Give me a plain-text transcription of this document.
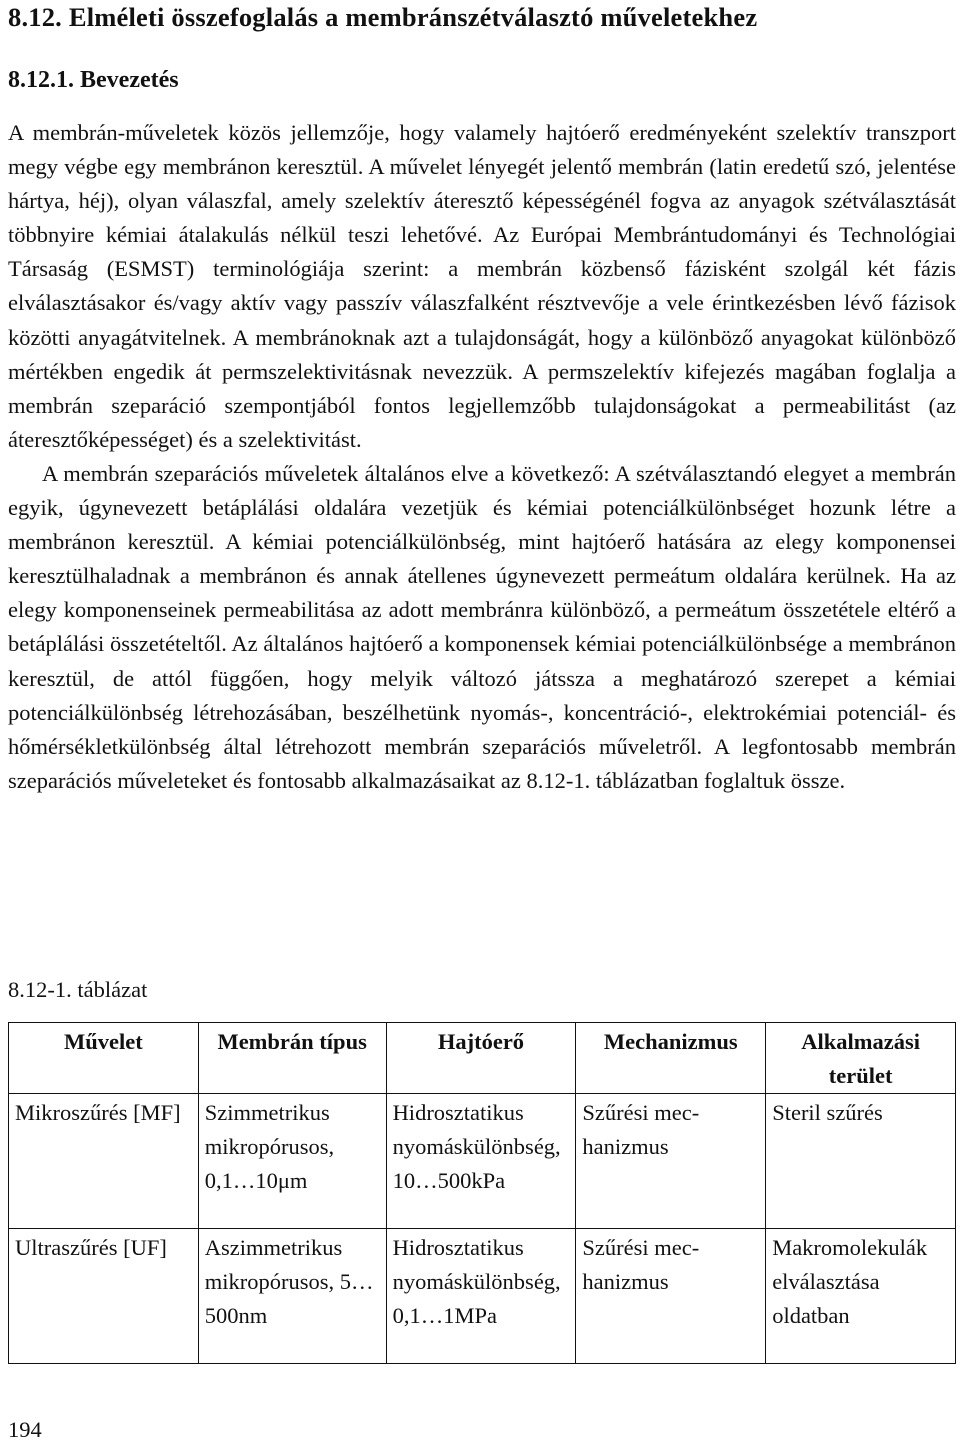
8.12. Elméleti összefoglalás a membránszétválasztó műveletekhez
8.12.1. Bevezetés

A membrán-műveletek közös jellemzője, hogy valamely hajtóerő eredményeként szelektív transzport megy végbe egy membránon keresztül. A művelet lényegét jelentő membrán (latin eredetű szó, jelentése hártya, héj), olyan válaszfal, amely szelektív áteresztő képességénél fogva az anyagok szétválasztását többnyire kémiai átalakulás nélkül teszi lehetővé. Az Európai Membrántudományi és Technológiai Társaság (ESMST) terminológiája szerint: a membrán közbenső fázisként szolgál két fázis elválasztásakor és/vagy aktív vagy passzív válaszfalként résztvevője a vele érintkezésben lévő fázisok közötti anyagátvitelnek. A membránoknak azt a tulajdonságát, hogy a különböző anyagokat különböző mértékben engedik át permszelektivitásnak nevezzük. A permszelektív kifejezés magában foglalja a membrán szeparáció szempontjából fontos legjellemzőbb tulajdonságokat a permeabilitást (az áteresztőképességet) és a szelektivitást.

A membrán szeparációs műveletek általános elve a következő: A szétválasztandó elegyet a membrán egyik, úgynevezett betáplálási oldalára vezetjük és kémiai potenciálkülönbséget hozunk létre a membránon keresztül. A kémiai potenciálkülönbség, mint hajtóerő hatására az elegy komponensei keresztülhaladnak a membránon és annak átellenes úgynevezett permeátum oldalára kerülnek. Ha az elegy komponenseinek permeabilitása az adott membránra különböző, a permeátum összetétele eltérő a betáplálási összetételtől. Az általános hajtóerő a komponensek kémiai potenciálkülönbsége a membránon keresztül, de attól függően, hogy melyik változó játssza a meghatározó szerepet a kémiai potenciálkülönbség létrehozásában, beszélhetünk nyomás-, koncentráció-, elektrokémiai potenciál- és hőmérsékletkülönbség által létrehozott membrán szeparációs műveletről. A legfontosabb membrán szeparációs műveleteket és fontosabb alkalmazásaikat az 8.12-1. táblázatban foglaltuk össze.

8.12-1. táblázat
Művelet	Membrán típus	Hajtóerő	Mechanizmus	Alkalmazási terület
Mikroszűrés [MF]	Szimmetrikus mikropórusos, 0,1…10μm	Hidrosztatikus nyomáskülönbség, 10…500kPa	Szűrési mechanizmus	Steril szűrés
Ultraszűrés [UF]	Aszimmetrikus mikropórusos, 5…500nm	Hidrosztatikus nyomáskülönbség, 0,1…1MPa	Szűrési mechanizmus	Makromolekulák elválasztása oldatban
194
